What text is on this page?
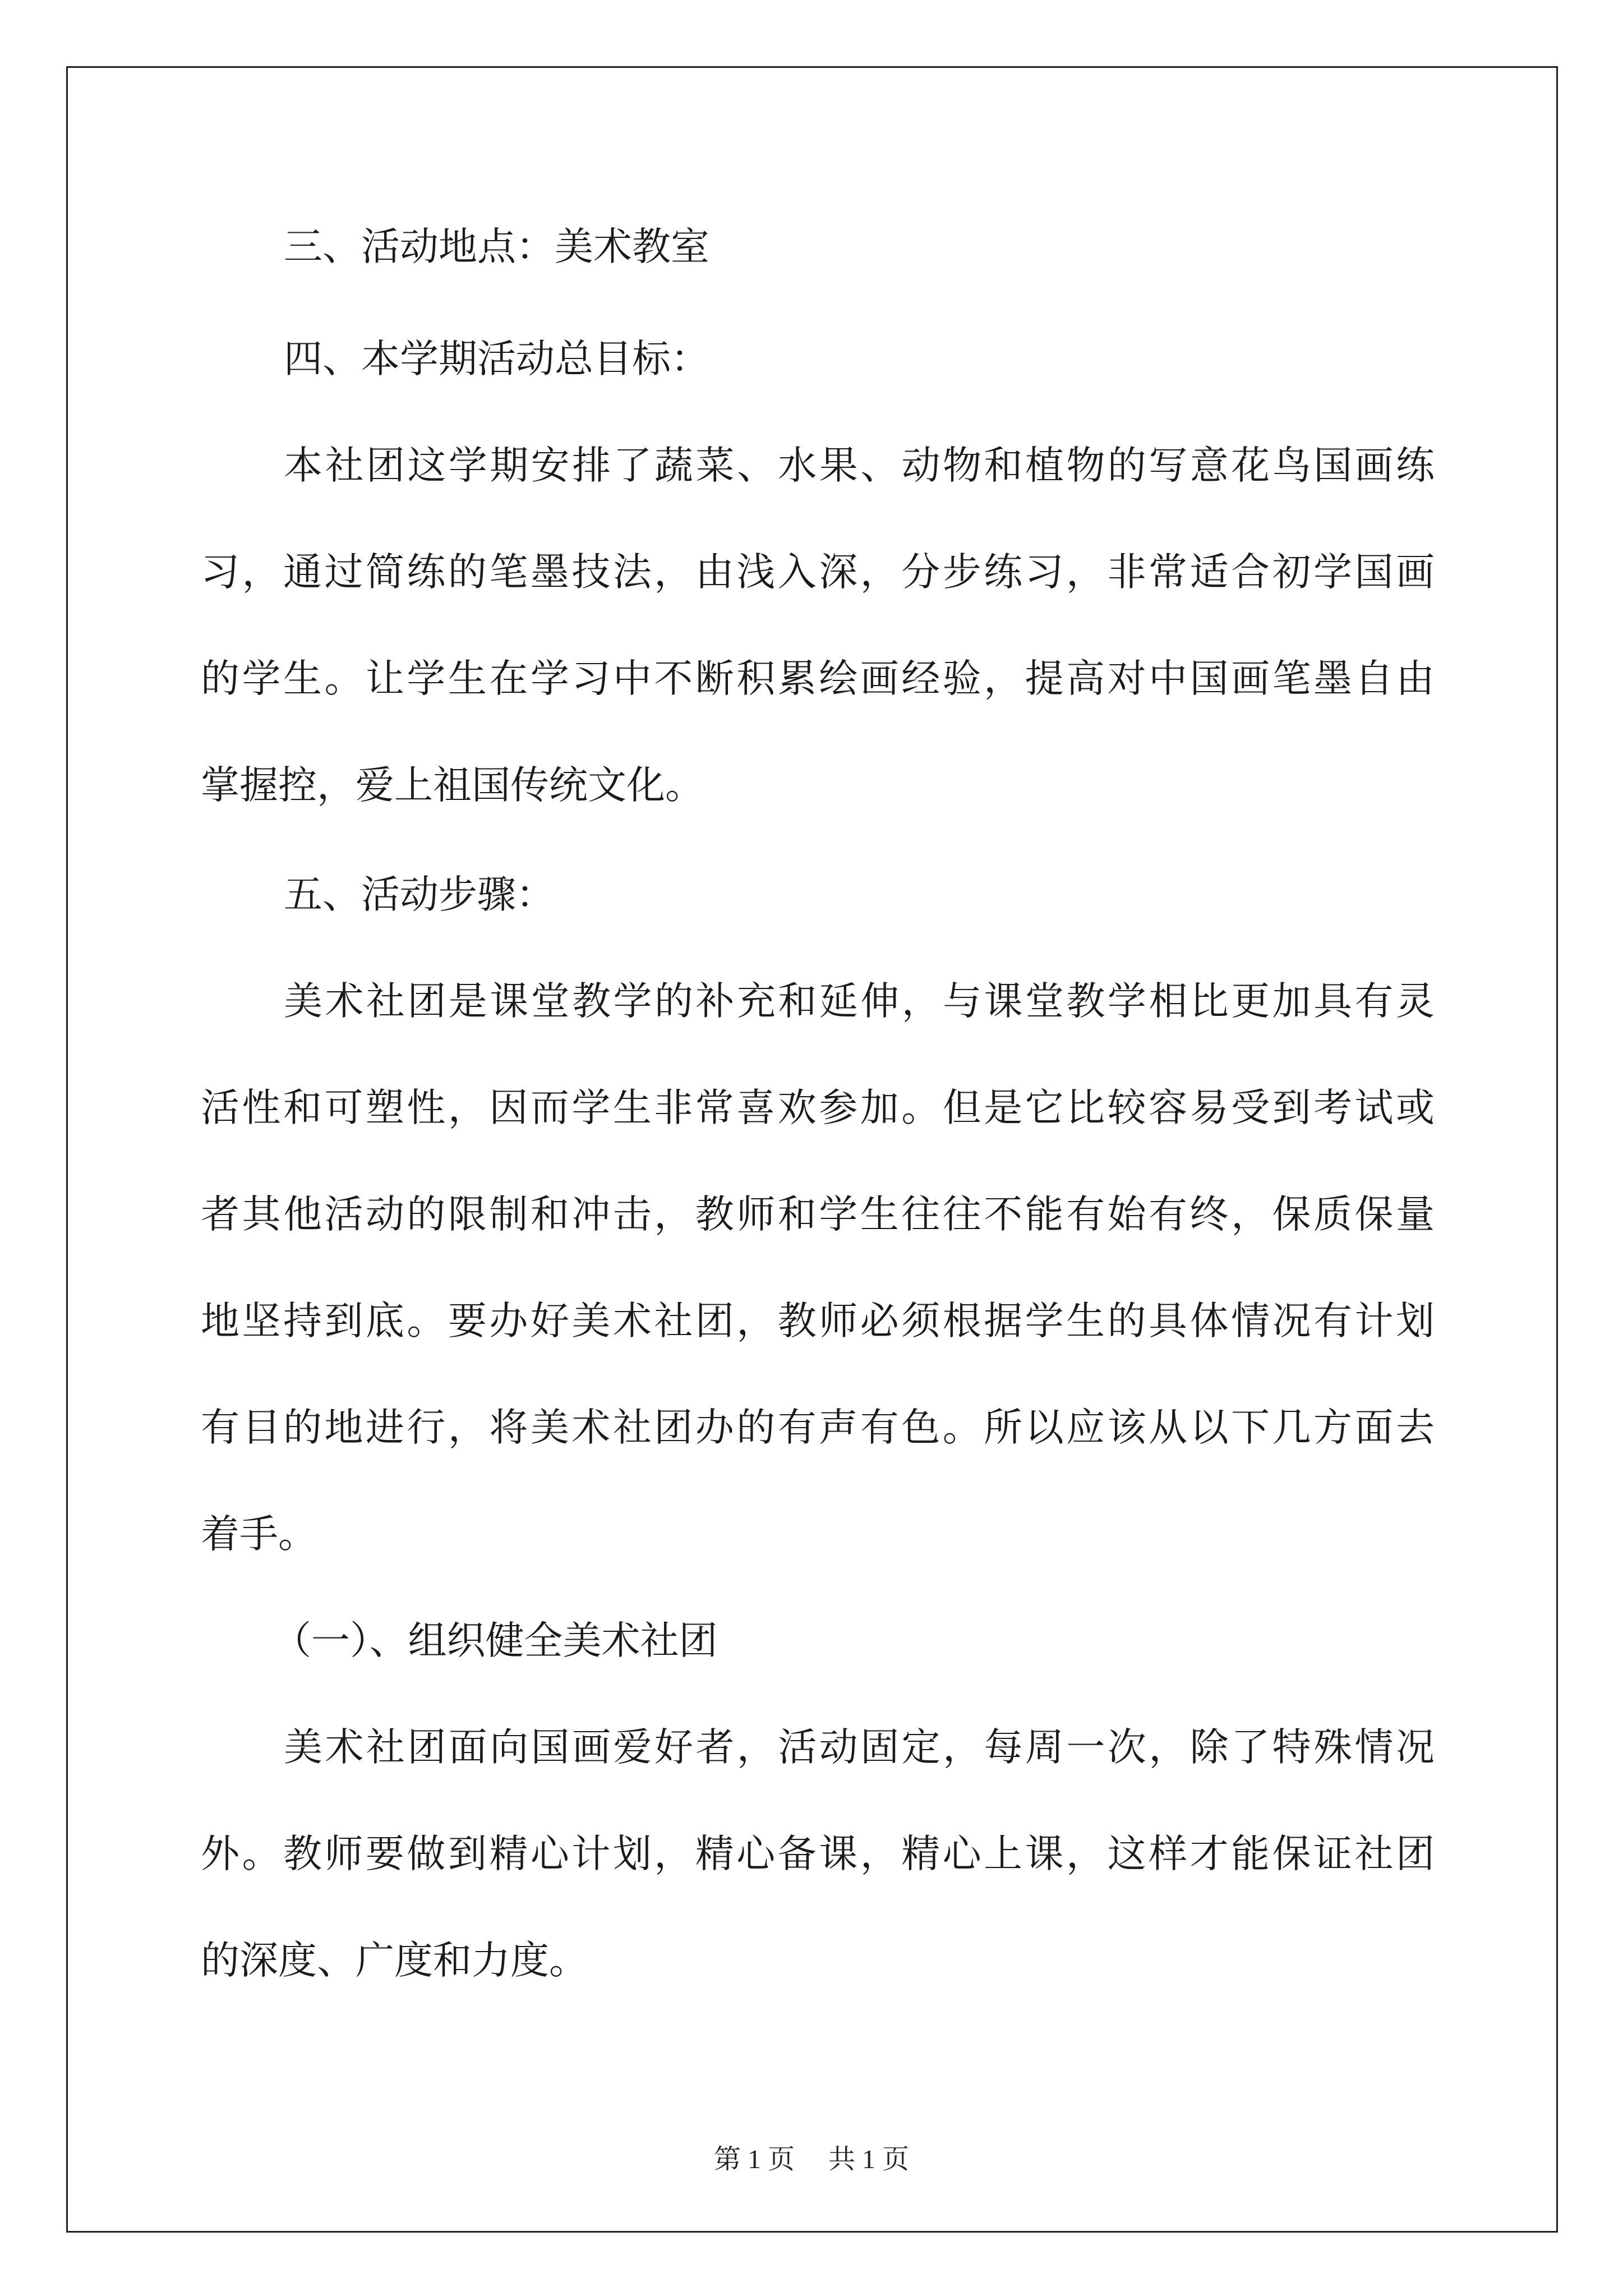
三、活动地点：美术教室
四、本学期活动总目标：
本社团这学期安排了蔬菜、水果、动物和植物的写意花鸟国画练
习，通过简练的笔墨技法，由浅入深，分步练习，非常适合初学国画
的学生。让学生在学习中不断积累绘画经验，提高对中国画笔墨自由
掌握控，爱上祖国传统文化。
五、活动步骤：
美术社团是课堂教学的补充和延伸，与课堂教学相比更加具有灵
活性和可塑性，因而学生非常喜欢参加。但是它比较容易受到考试或
者其他活动的限制和冲击，教师和学生往往不能有始有终，保质保量
地坚持到底。要办好美术社团，教师必须根据学生的具体情况有计划
有目的地进行，将美术社团办的有声有色。所以应该从以下几方面去
着手。
（一）、组织健全美术社团
美术社团面向国画爱好者，活动固定，每周一次，除了特殊情况
外。教师要做到精心计划，精心备课，精心上课，这样才能保证社团
的深度、广度和力度。
第 1 页　 共 1 页
